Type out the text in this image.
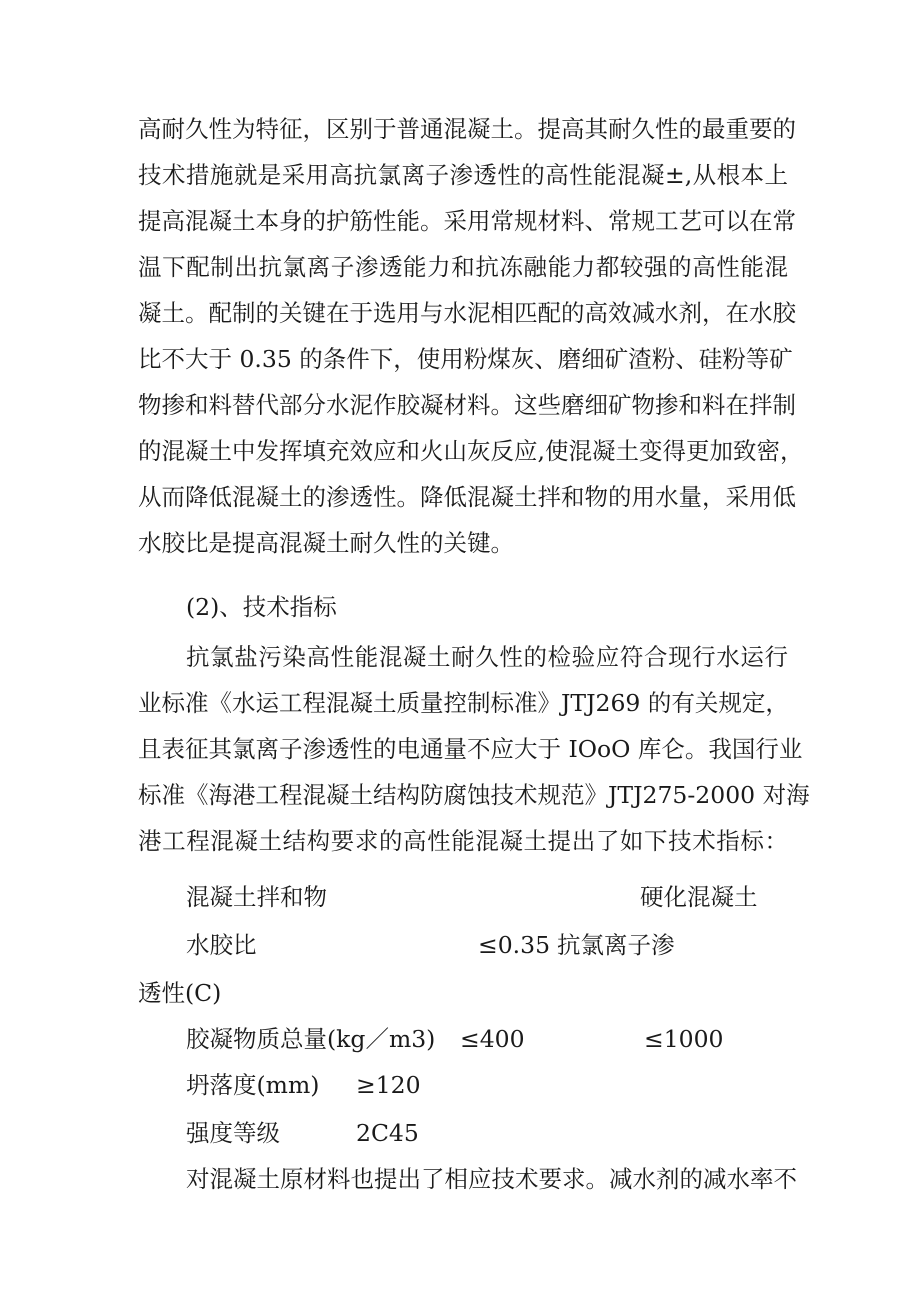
高耐久性为特征，区别于普通混凝土。提高其耐久性的最重要的
技术措施就是采用高抗氯离子渗透性的高性能混凝±,从根本上
提高混凝土本身的护筋性能。采用常规材料、常规工艺可以在常
温下配制出抗氯离子渗透能力和抗冻融能力都较强的高性能混
凝土。配制的关键在于选用与水泥相匹配的高效减水剂，在水胶
比不大于 0.35 的条件下，使用粉煤灰、磨细矿渣粉、硅粉等矿
物掺和料替代部分水泥作胶凝材料。这些磨细矿物掺和料在拌制
的混凝土中发挥填充效应和火山灰反应,使混凝土变得更加致密，
从而降低混凝土的渗透性。降低混凝土拌和物的用水量，采用低
水胶比是提高混凝土耐久性的关键。
(2)、技术指标
抗氯盐污染高性能混凝土耐久性的检验应符合现行水运行
业标准《水运工程混凝土质量控制标准》JTJ269 的有关规定，
且表征其氯离子渗透性的电通量不应大于 IOoO 库仑。我国行业
标准《海港工程混凝土结构防腐蚀技术规范》JTJ275-2000 对海
港工程混凝土结构要求的高性能混凝土提出了如下技术指标：
混凝土拌和物	硬化混凝土
水胶比	≤0.35 抗氯离子渗
透性(C)
胶凝物质总量(kg／m3) ≤400	≤1000
坍落度(mm) ≥120
强度等级	2C45
对混凝土原材料也提出了相应技术要求。减水剂的减水率不
